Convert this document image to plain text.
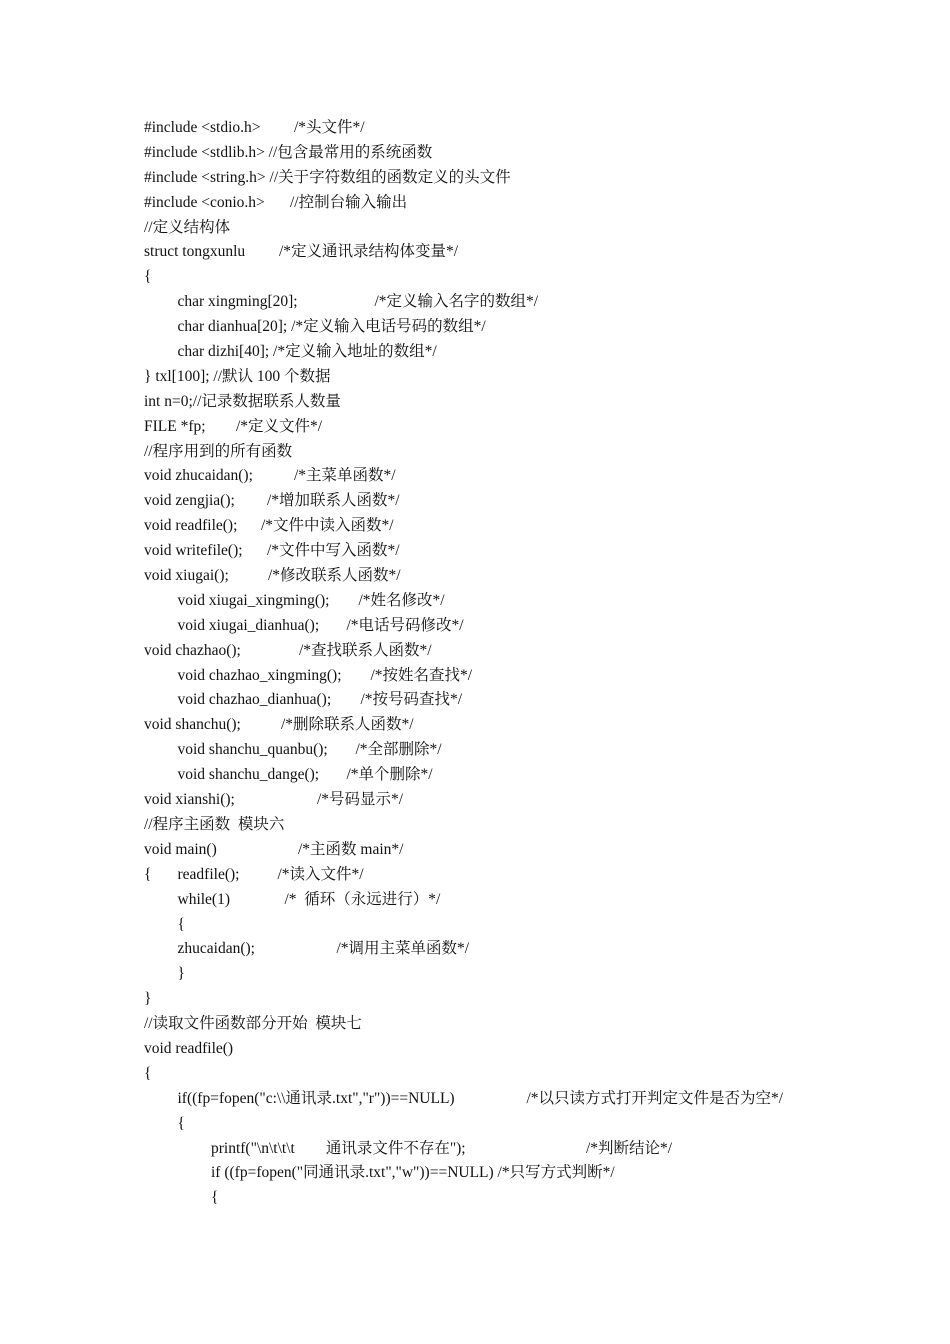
#include <stdio.h> /*头文件*/
#include <stdlib.h> //包含最常用的系统函数
#include <string.h> //关于字符数组的函数定义的头文件
#include <conio.h> //控制台输入输出
//定义结构体
struct tongxunlu /*定义通讯录结构体变量*/
{
char xingming[20];	/*定义输入名字的数组*/
char dianhua[20]; /*定义输入电话号码的数组*/
char dizhi[40]; /*定义输入地址的数组*/
} txl[100]; //默认 100 个数据
int n=0;//记录数据联系人数量
FILE *fp; /*定义文件*/
//程序用到的所有函数
void zhucaidan();	/*主菜单函数*/
void zengjia(); /*增加联系人函数*/
void readfile(); /*文件中读入函数*/
void writefile(); /*文件中写入函数*/
void xiugai();	/*修改联系人函数*/
void xiugai_xingming(); /*姓名修改*/
void xiugai_dianhua(); /*电话号码修改*/
void chazhao();	/*查找联系人函数*/
void chazhao_xingming(); /*按姓名查找*/
void chazhao_dianhua(); /*按号码查找*/
void shanchu();	/*删除联系人函数*/
void shanchu_quanbu(); /*全部删除*/
void shanchu_dange(); /*单个删除*/
void xianshi();	/*号码显示*/
//程序主函数  模块六
void main()	/*主函数 main*/
{ readfile(); /*读入文件*/
while(1)	/*  循环（永远进行）*/
{
zhucaidan();	/*调用主菜单函数*/
}
}
//读取文件函数部分开始  模块七
void readfile()
{
if((fp=fopen("c:\\通讯录.txt","r"))==NULL)	/*以只读方式打开判定文件是否为空*/
{
printf("\n\t\t\t        通讯录文件不存在");	/*判断结论*/
if ((fp=fopen("同通讯录.txt","w"))==NULL) /*只写方式判断*/
{
